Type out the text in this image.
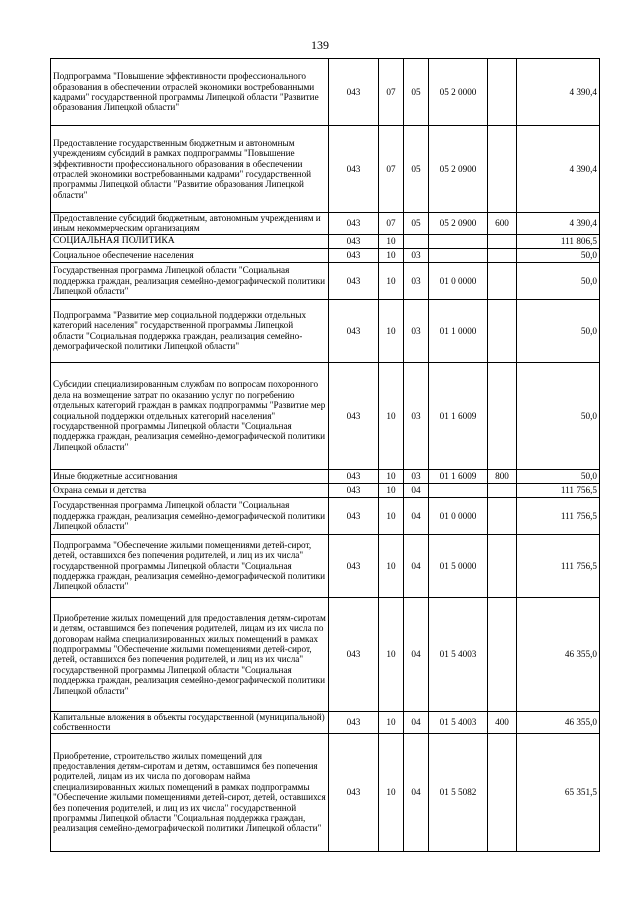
139
Подпрограмма "Повышение эффективности профессионального образования в обеспечении отраслей экономики востребованными кадрами" государственной программы Липецкой области "Развитие образования Липецкой области"	043	07	05	05 2 0000		4 390,4
Предоставление государственным бюджетным и автономным учреждениям субсидий в рамках подпрограммы "Повышение эффективности профессионального образования в обеспечении отраслей экономики востребованными кадрами" государственной программы Липецкой области "Развитие образования Липецкой области"	043	07	05	05 2 0900		4 390,4
Предоставление субсидий бюджетным, автономным учреждениям и иным некоммерческим организациям	043	07	05	05 2 0900	600	4 390,4
СОЦИАЛЬНАЯ ПОЛИТИКА	043	10				111 806,5
Социальное обеспечение населения	043	10	03			50,0
Государственная программа Липецкой области "Социальная поддержка граждан, реализация семейно-демографической политики Липецкой области"	043	10	03	01 0 0000		50,0
Подпрограмма "Развитие мер социальной поддержки отдельных категорий населения" государственной программы Липецкой области "Социальная поддержка граждан, реализация семейно-демографической политики Липецкой области"	043	10	03	01 1 0000		50,0
Субсидии специализированным службам по вопросам похоронного дела на возмещение затрат по оказанию услуг по погребению отдельных категорий граждан в рамках подпрограммы "Развитие мер социальной поддержки отдельных категорий населения" государственной программы Липецкой области "Социальная поддержка граждан, реализация семейно-демографической политики Липецкой области"	043	10	03	01 1 6009		50,0
Иные бюджетные ассигнования	043	10	03	01 1 6009	800	50,0
Охрана семьи и детства	043	10	04			111 756,5
Государственная программа Липецкой области "Социальная поддержка граждан, реализация семейно-демографической политики Липецкой области"	043	10	04	01 0 0000		111 756,5
Подпрограмма "Обеспечение жилыми помещениями детей-сирот, детей, оставшихся без попечения родителей, и лиц из их числа" государственной программы Липецкой области "Социальная поддержка граждан, реализация семейно-демографической политики Липецкой области"	043	10	04	01 5 0000		111 756,5
Приобретение жилых помещений для предоставления детям-сиротам и детям, оставшимся без попечения родителей, лицам из их числа по договорам найма специализированных жилых помещений в рамках подпрограммы "Обеспечение жилыми помещениями детей-сирот, детей, оставшихся без попечения родителей, и лиц из их числа" государственной программы Липецкой области "Социальная поддержка граждан, реализация семейно-демографической политики Липецкой области"	043	10	04	01 5 4003		46 355,0
Капитальные вложения в объекты государственной (муниципальной) собственности	043	10	04	01 5 4003	400	46 355,0
Приобретение, строительство жилых помещений для предоставления детям-сиротам и детям, оставшимся без попечения родителей, лицам из их числа по договорам найма специализированных жилых помещений в рамках подпрограммы "Обеспечение жилыми помещениями детей-сирот, детей, оставшихся без попечения родителей, и лиц из их числа" государственной программы Липецкой области "Социальная поддержка граждан, реализация семейно-демографической политики Липецкой области"	043	10	04	01 5 5082		65 351,5
